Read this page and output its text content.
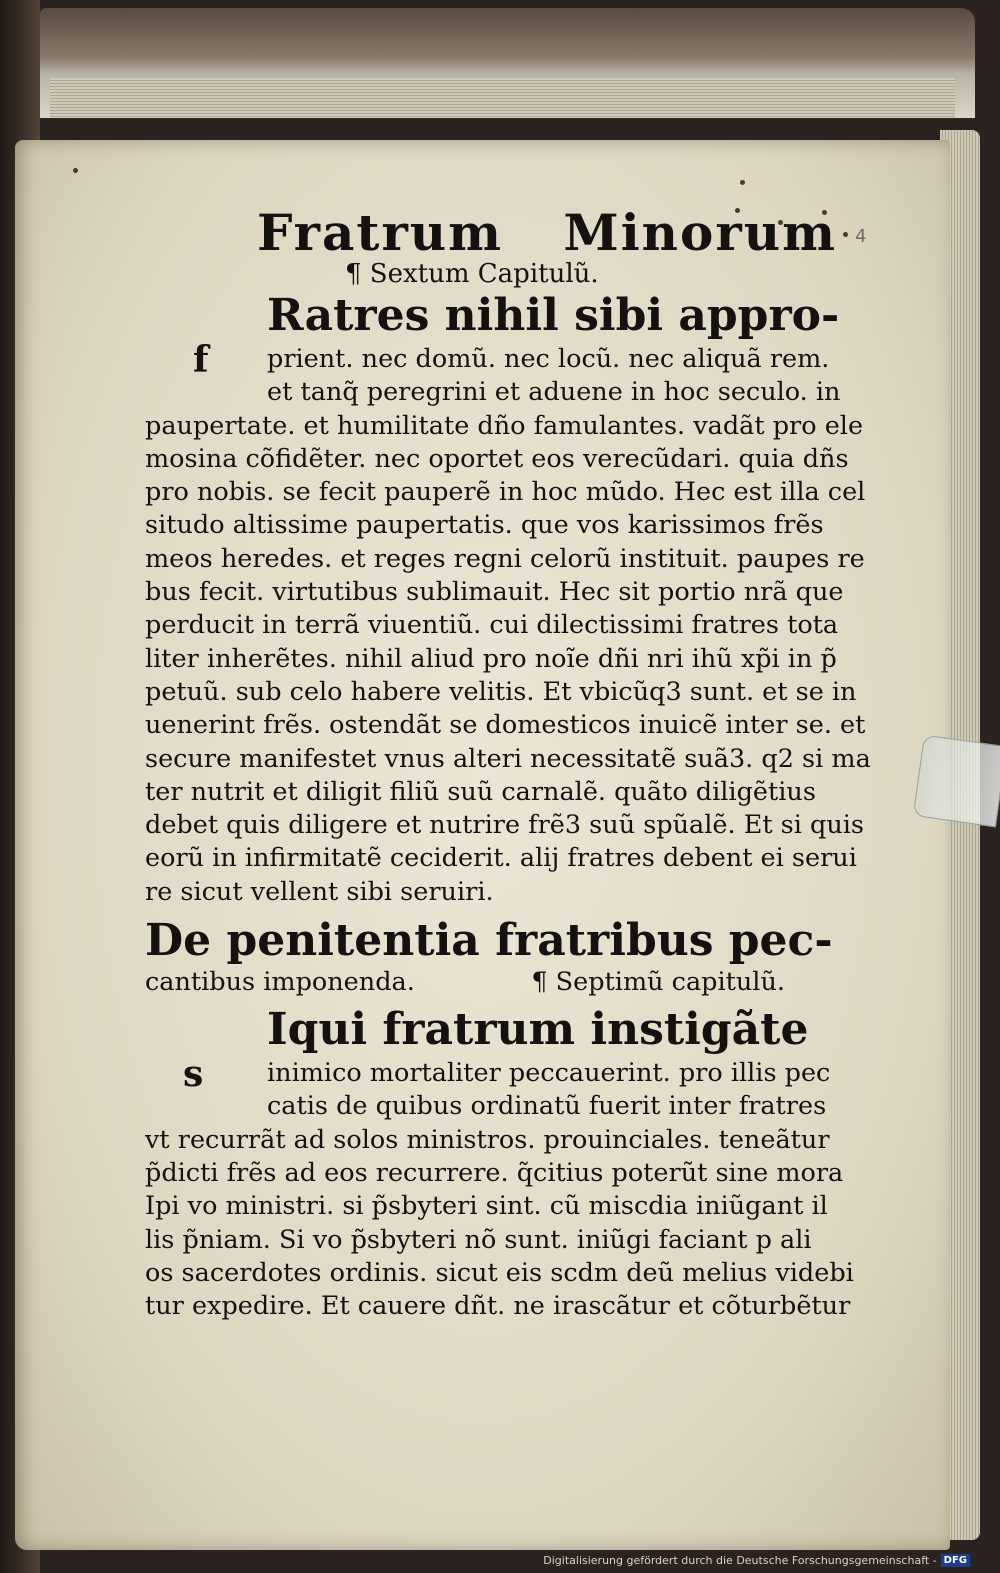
4
Fratrum Minorum
¶ Sextum Capitulũ.
Ratres nihil sibi appro-
f prient. nec domũ. nec locũ. nec aliquã rem.
et tanq̃ peregrini et aduene in hoc seculo. in
paupertate. et humilitate dño famulantes. vadãt pro ele
mosina cõfidẽter. nec oportet eos verecũdari. quia dñs
pro nobis. se fecit pauperẽ in hoc mũdo. Hec est illa cel
situdo altissime paupertatis. que vos karissimos frẽs
meos heredes. et reges regni celorũ instituit. paupes re
bus fecit. virtutibus sublimauit. Hec sit portio nrã que
perducit in terrã viuentiũ. cui dilectissimi fratres tota
liter inherẽtes. nihil aliud pro noĩe dñi nri ihũ xp̃i in p̃
petuũ. sub celo habere velitis. Et vbicũq3 sunt. et se in
uenerint frẽs. ostendãt se domesticos inuicẽ inter se. et
secure manifestet vnus alteri necessitatẽ suã3. q2 si ma
ter nutrit et diligit filiũ suũ carnalẽ. quãto diligẽtius
debet quis diligere et nutrire frẽ3 suũ spũalẽ. Et si quis
eorũ in infirmitatẽ ceciderit. alij fratres debent ei serui
re sicut vellent sibi seruiri.
De penitentia fratribus pec-
cantibus imponenda.	¶ Septimũ capitulũ.
Iqui fratrum instigãte
s inimico mortaliter peccauerint. pro illis pec
catis de quibus ordinatũ fuerit inter fratres
vt recurrãt ad solos ministros. prouinciales. teneãtur
p̃dicti frẽs ad eos recurrere. q̃citius poterũt sine mora
Ipi vo ministri. si p̃sbyteri sint. cũ miscdia iniũgant il
lis p̃niam. Si vo p̃sbyteri nõ sunt. iniũgi faciant p ali
os sacerdotes ordinis. sicut eis scdm deũ melius videbi
tur expedire. Et cauere dñt. ne irascãtur et cõturbẽtur
Digitalisierung gefördert durch die Deutsche Forschungsgemeinschaft - DFG
